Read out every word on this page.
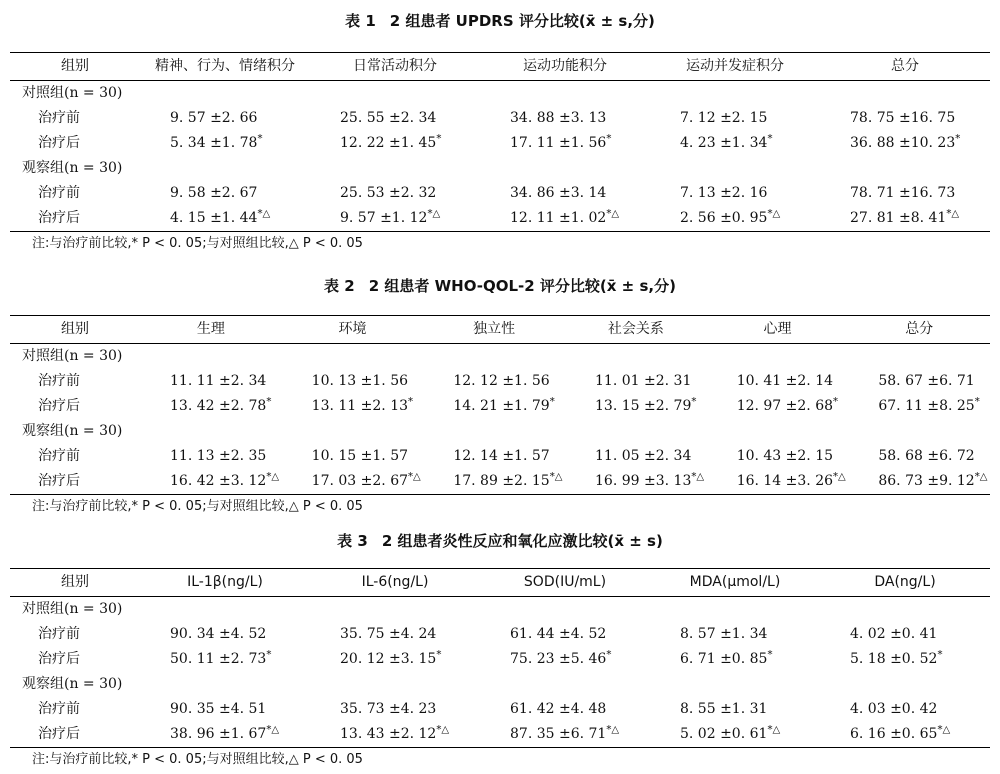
表 1 2 组患者 UPDRS 评分比较(x̄ ± s,分)
组别	精神、行为、情绪积分	日常活动积分	运动功能积分	运动并发症积分	总分
对照组(n = 30)
治疗前	9. 57 ±2. 66	25. 55 ±2. 34	34. 88 ±3. 13	7. 12 ±2. 15	78. 75 ±16. 75
治疗后	5. 34 ±1. 78*	12. 22 ±1. 45*	17. 11 ±1. 56*	4. 23 ±1. 34*	36. 88 ±10. 23*
观察组(n = 30)
治疗前	9. 58 ±2. 67	25. 53 ±2. 32	34. 86 ±3. 14	7. 13 ±2. 16	78. 71 ±16. 73
治疗后	4. 15 ±1. 44*△	9. 57 ±1. 12*△	12. 11 ±1. 02*△	2. 56 ±0. 95*△	27. 81 ±8. 41*△
注:与治疗前比较,* P < 0. 05;与对照组比较,△ P < 0. 05
表 2 2 组患者 WHO-QOL-2 评分比较(x̄ ± s,分)
组别	生理	环境	独立性	社会关系	心理	总分
对照组(n = 30)
治疗前	11. 11 ±2. 34	10. 13 ±1. 56	12. 12 ±1. 56	11. 01 ±2. 31	10. 41 ±2. 14	58. 67 ±6. 71
治疗后	13. 42 ±2. 78*	13. 11 ±2. 13*	14. 21 ±1. 79*	13. 15 ±2. 79*	12. 97 ±2. 68*	67. 11 ±8. 25*
观察组(n = 30)
治疗前	11. 13 ±2. 35	10. 15 ±1. 57	12. 14 ±1. 57	11. 05 ±2. 34	10. 43 ±2. 15	58. 68 ±6. 72
治疗后	16. 42 ±3. 12*△	17. 03 ±2. 67*△	17. 89 ±2. 15*△	16. 99 ±3. 13*△	16. 14 ±3. 26*△	86. 73 ±9. 12*△
注:与治疗前比较,* P < 0. 05;与对照组比较,△ P < 0. 05
表 3 2 组患者炎性反应和氧化应激比较(x̄ ± s)
组别	IL-1β(ng/L)	IL-6(ng/L)	SOD(IU/mL)	MDA(μmol/L)	DA(ng/L)
对照组(n = 30)
治疗前	90. 34 ±4. 52	35. 75 ±4. 24	61. 44 ±4. 52	8. 57 ±1. 34	4. 02 ±0. 41
治疗后	50. 11 ±2. 73*	20. 12 ±3. 15*	75. 23 ±5. 46*	6. 71 ±0. 85*	5. 18 ±0. 52*
观察组(n = 30)
治疗前	90. 35 ±4. 51	35. 73 ±4. 23	61. 42 ±4. 48	8. 55 ±1. 31	4. 03 ±0. 42
治疗后	38. 96 ±1. 67*△	13. 43 ±2. 12*△	87. 35 ±6. 71*△	5. 02 ±0. 61*△	6. 16 ±0. 65*△
注:与治疗前比较,* P < 0. 05;与对照组比较,△ P < 0. 05
